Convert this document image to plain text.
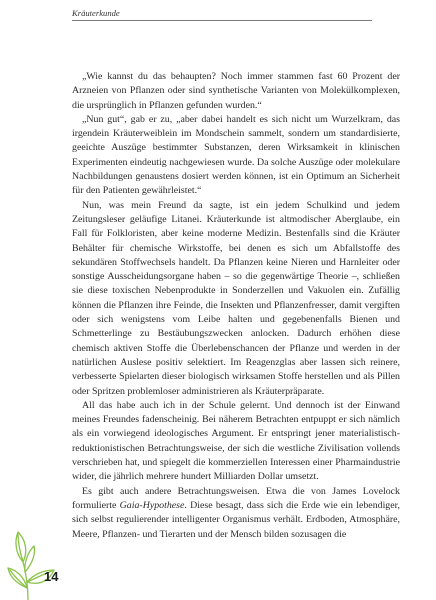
Kräuterkunde

„Wie kannst du das behaupten? Noch immer stammen fast 60 Prozent der Arzneien von Pflanzen oder sind synthetische Varianten von Molekülkomplexen, die ursprünglich in Pflanzen gefunden wurden.“

„Nun gut“, gab er zu, „aber dabei handelt es sich nicht um Wurzelkram, das irgendein Kräuterweiblein im Mondschein sammelt, sondern um standardisierte, geeichte Auszüge bestimmter Substanzen, deren Wirksamkeit in klinischen Experimenten eindeutig nachgewiesen wurde. Da solche Auszüge oder molekulare Nachbildungen genaustens dosiert werden können, ist ein Optimum an Sicherheit für den Patienten gewährleistet.“

Nun, was mein Freund da sagte, ist ein jedem Schulkind und jedem Zeitungsleser geläufige Litanei. Kräuterkunde ist altmodischer Aberglaube, ein Fall für Folkloristen, aber keine moderne Medizin. Bestenfalls sind die Kräuter Behälter für chemische Wirkstoffe, bei denen es sich um Abfallstoffe des sekundären Stoffwechsels handelt. Da Pflanzen keine Nieren und Harnleiter oder sonstige Ausscheidungsorgane haben – so die gegenwärtige Theorie –, schließen sie diese toxischen Nebenprodukte in Sonderzellen und Vakuolen ein. Zufällig können die Pflanzen ihre Feinde, die Insekten und Pflanzenfresser, damit vergiften oder sich wenigstens vom Leibe halten und gegebenenfalls Bienen und Schmetterlinge zu Bestäubungszwecken anlocken. Dadurch erhöhen diese chemisch aktiven Stoffe die Überlebenschancen der Pflanze und werden in der natürlichen Auslese positiv selektiert. Im Reagenzglas aber lassen sich reinere, verbesserte Spielarten dieser biologisch wirksamen Stoffe herstellen und als Pillen oder Spritzen problemloser administrieren als Kräuterpräparate.

All das habe auch ich in der Schule gelernt. Und dennoch ist der Einwand meines Freundes fadenscheinig. Bei näherem Betrachten entpuppt er sich nämlich als ein vorwiegend ideologisches Argument. Er entspringt jener materialistisch-reduktionistischen Betrachtungsweise, der sich die westliche Zivilisation vollends verschrieben hat, und spiegelt die kommerziellen Interessen einer Pharmaindustrie wider, die jährlich mehrere hundert Milliarden Dollar umsetzt.

Es gibt auch andere Betrachtungsweisen. Etwa die von James Lovelock formulierte Gaia-Hypothese. Diese besagt, dass sich die Erde wie ein lebendiger, sich selbst regulierender intelligenter Organismus verhält. Erdboden, Atmosphäre, Meere, Pflanzen- und Tierarten und der Mensch bilden sozusagen die

14
